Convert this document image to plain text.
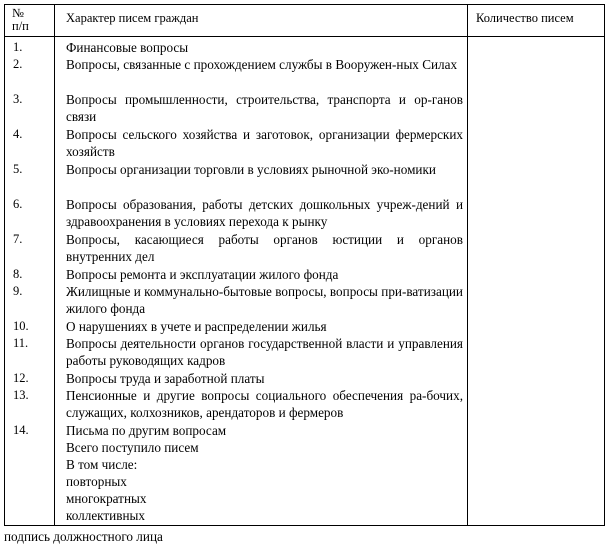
№
п/п
Характер писем граждан	Количество писем
1.	Финансовые вопросы
2.	Вопросы, связанные с прохождением службы в Вооружен-ных Силах
3.	Вопросы промышленности, строительства, транспорта и ор-ганов связи
4.	Вопросы сельского хозяйства и заготовок, организации фермерских хозяйств
5.	Вопросы организации торговли в условиях рыночной эко-номики
6.	Вопросы образования, работы детских дошкольных учреж-дений и здравоохранения в условиях перехода к рынку
7.	Вопросы, касающиеся работы органов юстиции и органов внутренних дел
8.	Вопросы ремонта и эксплуатации жилого фонда
9.	Жилищные и коммунально-бытовые вопросы, вопросы при-ватизации жилого фонда
10.	О нарушениях в учете и распределении жилья
11.	Вопросы деятельности органов государственной власти и управления работы руководящих кадров
12.	Вопросы труда и заработной платы
13.	Пенсионные и другие вопросы социального обеспечения ра-бочих, служащих, колхозников, арендаторов и фермеров
14.	Письма по другим вопросам
Всего поступило писем
В том числе:
повторных
многократных
коллективных
подпись должностного лица
